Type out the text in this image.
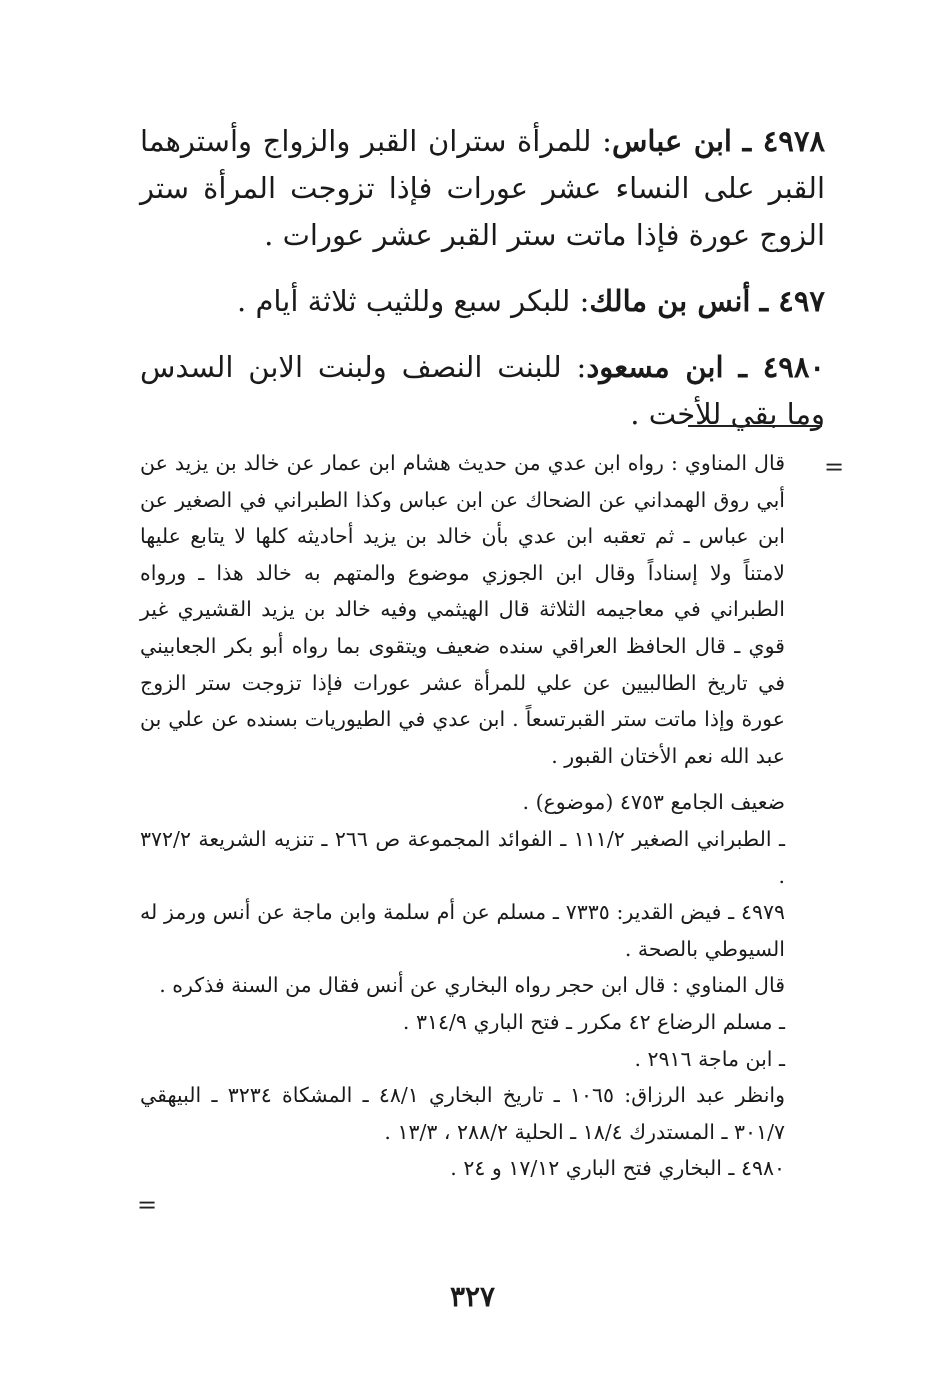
٤٩٧٨ ـ ابن عباس: للمرأة ستران القبر والزواج وأسترهما القبر على النساء عشر عورات فإذا تزوجت المرأة ستر الزوج عورة فإذا ماتت ستر القبر عشر عورات .

٤٩٧ ـ أنس بن مالك: للبكر سبع وللثيب ثلاثة أيام .

٤٩٨٠ ـ ابن مسعود: للبنت النصف ولبنت الابن السدس وما بقي للأخت .

=

قال المناوي : رواه ابن عدي من حديث هشام ابن عمار عن خالد بن يزيد عن أبي روق الهمداني عن الضحاك عن ابن عباس وكذا الطبراني في الصغير عن ابن عباس ـ ثم تعقبه ابن عدي بأن خالد بن يزيد أحاديثه كلها لا يتابع عليها لامتناً ولا إسناداً وقال ابن الجوزي موضوع والمتهم به خالد هذا ـ ورواه الطبراني في معاجيمه الثلاثة قال الهيثمي وفيه خالد بن يزيد القشيري غير قوي ـ قال الحافظ العراقي سنده ضعيف ويتقوى بما رواه أبو بكر الجعابيني في تاريخ الطالبيين عن علي للمرأة عشر عورات فإذا تزوجت ستر الزوج عورة وإذا ماتت ستر القبرتسعاً . ابن عدي في الطيوريات بسنده عن علي بن عبد الله نعم الأختان القبور .

ضعيف الجامع ٤٧٥٣ (موضوع) .

ـ الطبراني الصغير ١١١/٢ ـ الفوائد المجموعة ص ٢٦٦ ـ تنزيه الشريعة ٣٧٢/٢ .

٤٩٧٩ ـ فيض القدير: ٧٣٣٥ ـ مسلم عن أم سلمة وابن ماجة عن أنس ورمز له السيوطي بالصحة .

قال المناوي : قال ابن حجر رواه البخاري عن أنس فقال من السنة فذكره .

ـ مسلم الرضاع ٤٢ مكرر ـ فتح الباري ٣١٤/٩ .

ـ ابن ماجة ٢٩١٦ .

وانظر عبد الرزاق: ١٠٦٥ ـ تاريخ البخاري ٤٨/١ ـ المشكاة ٣٢٣٤ ـ البيهقي ٣٠١/٧ ـ المستدرك ١٨/٤ ـ الحلية ٢٨٨/٢ ، ١٣/٣ .

٤٩٨٠ ـ البخاري فتح الباري ١٧/١٢ و ٢٤ .

=
٣٢٧
